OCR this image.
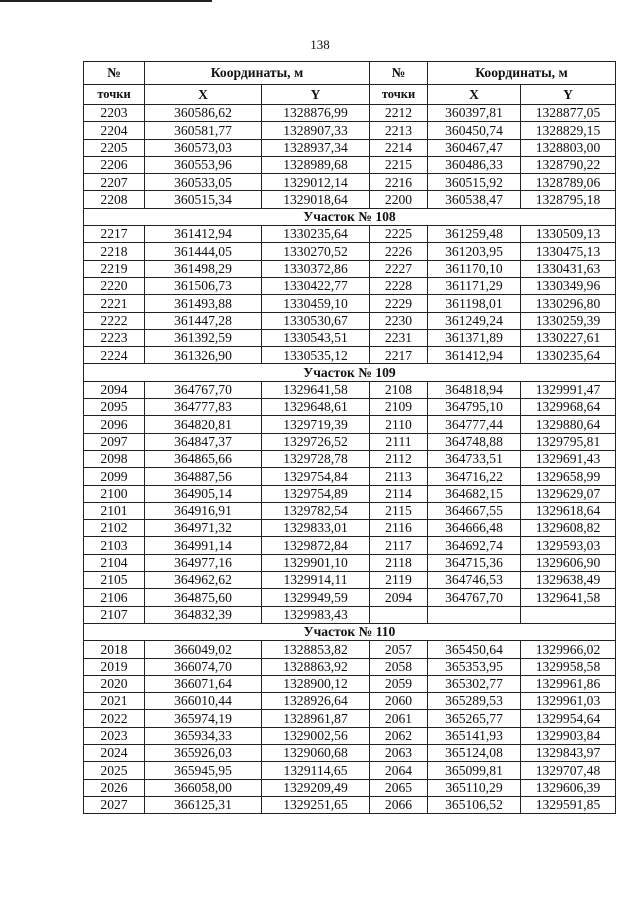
138
№	Координаты, м		№	Координаты, м	
точки	X	Y	точки	X	Y
2203	360586,62	1328876,99	2212	360397,81	1328877,05
2204	360581,77	1328907,33	2213	360450,74	1328829,15
2205	360573,03	1328937,34	2214	360467,47	1328803,00
2206	360553,96	1328989,68	2215	360486,33	1328790,22
2207	360533,05	1329012,14	2216	360515,92	1328789,06
2208	360515,34	1329018,64	2200	360538,47	1328795,18
Участок № 108					
2217	361412,94	1330235,64	2225	361259,48	1330509,13
2218	361444,05	1330270,52	2226	361203,95	1330475,13
2219	361498,29	1330372,86	2227	361170,10	1330431,63
2220	361506,73	1330422,77	2228	361171,29	1330349,96
2221	361493,88	1330459,10	2229	361198,01	1330296,80
2222	361447,28	1330530,67	2230	361249,24	1330259,39
2223	361392,59	1330543,51	2231	361371,89	1330227,61
2224	361326,90	1330535,12	2217	361412,94	1330235,64
Участок № 109					
2094	364767,70	1329641,58	2108	364818,94	1329991,47
2095	364777,83	1329648,61	2109	364795,10	1329968,64
2096	364820,81	1329719,39	2110	364777,44	1329880,64
2097	364847,37	1329726,52	2111	364748,88	1329795,81
2098	364865,66	1329728,78	2112	364733,51	1329691,43
2099	364887,56	1329754,84	2113	364716,22	1329658,99
2100	364905,14	1329754,89	2114	364682,15	1329629,07
2101	364916,91	1329782,54	2115	364667,55	1329618,64
2102	364971,32	1329833,01	2116	364666,48	1329608,82
2103	364991,14	1329872,84	2117	364692,74	1329593,03
2104	364977,16	1329901,10	2118	364715,36	1329606,90
2105	364962,62	1329914,11	2119	364746,53	1329638,49
2106	364875,60	1329949,59	2094	364767,70	1329641,58
2107	364832,39	1329983,43			
Участок № 110					
2018	366049,02	1328853,82	2057	365450,64	1329966,02
2019	366074,70	1328863,92	2058	365353,95	1329958,58
2020	366071,64	1328900,12	2059	365302,77	1329961,86
2021	366010,44	1328926,64	2060	365289,53	1329961,03
2022	365974,19	1328961,87	2061	365265,77	1329954,64
2023	365934,33	1329002,56	2062	365141,93	1329903,84
2024	365926,03	1329060,68	2063	365124,08	1329843,97
2025	365945,95	1329114,65	2064	365099,81	1329707,48
2026	366058,00	1329209,49	2065	365110,29	1329606,39
2027	366125,31	1329251,65	2066	365106,52	1329591,85
